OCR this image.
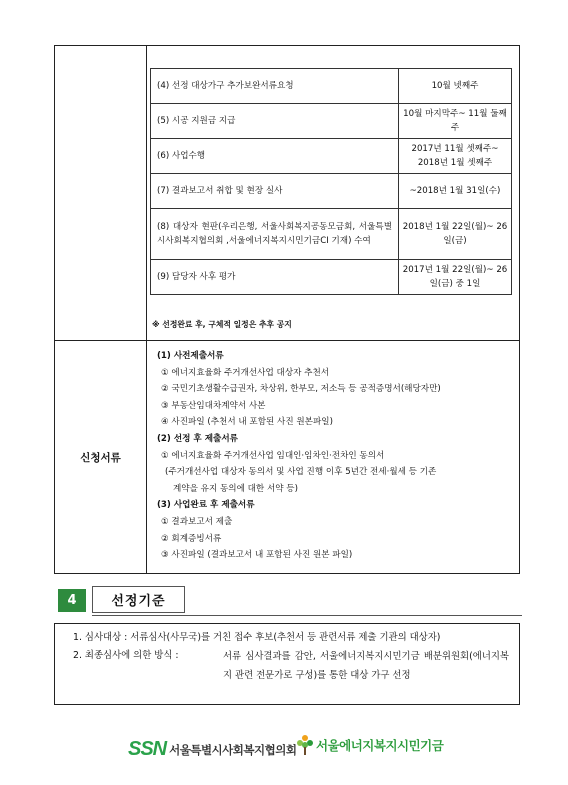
신청서류
(4) 선정 대상가구 추가보완서류요청	10월 넷째주
(5) 시공 지원금 지급	10월 마지막주~ 11월 둘째주
(6) 사업수행	2017년 11월 셋째주~ 2018년 1월 셋째주
(7) 결과보고서 취합 및 현장 실사	~2018년 1월 31일(수)
(8) 대상자 현판(우리은행, 서울사회복지공동모금회, 서울특별시사회복지협의회 ,서울에너지복지시민기금CI 기재) 수여	2018년 1월 22일(월)~ 26일(금)
(9) 담당자 사후 평가	2017년 1월 22일(월)~ 26일(금) 중 1일
※ 선정완료 후, 구체적 일정은 추후 공지
(1) 사전제출서류
① 에너지효율화 주거개선사업 대상자 추천서
② 국민기초생활수급권자, 차상위, 한부모, 저소득 등 공적증명서(해당자만)
③ 부동산임대차계약서 사본
④ 사진파일 (추천서 내 포함된 사진 원본파일)
(2) 선정 후 제출서류
① 에너지효율화 주거개선사업 임대인·임차인·전차인 동의서
(주거개선사업 대상자 동의서 및 사업 진행 이후 5년간 전세·월세 등 기존
계약을 유지 동의에 대한 서약 등)
(3) 사업완료 후 제출서류
① 결과보고서 제출
② 회계증빙서류
③ 사진파일 (결과보고서 내 포함된 사진 원본 파일)
4	선정기준
1. 심사대상 : 서류심사(사무국)를 거친 접수 후보(추천서 등 관련서류 제출 기관의 대상자)
2. 최종심사에 의한 방식 :	서류 심사결과를 감안, 서울에너지복지시민기금 배분위원회(에너지복지 관련 전문가로 구성)를 통한 대상 가구 선정
SSN 서울특별시사회복지협의회 서울에너지복지시민기금
